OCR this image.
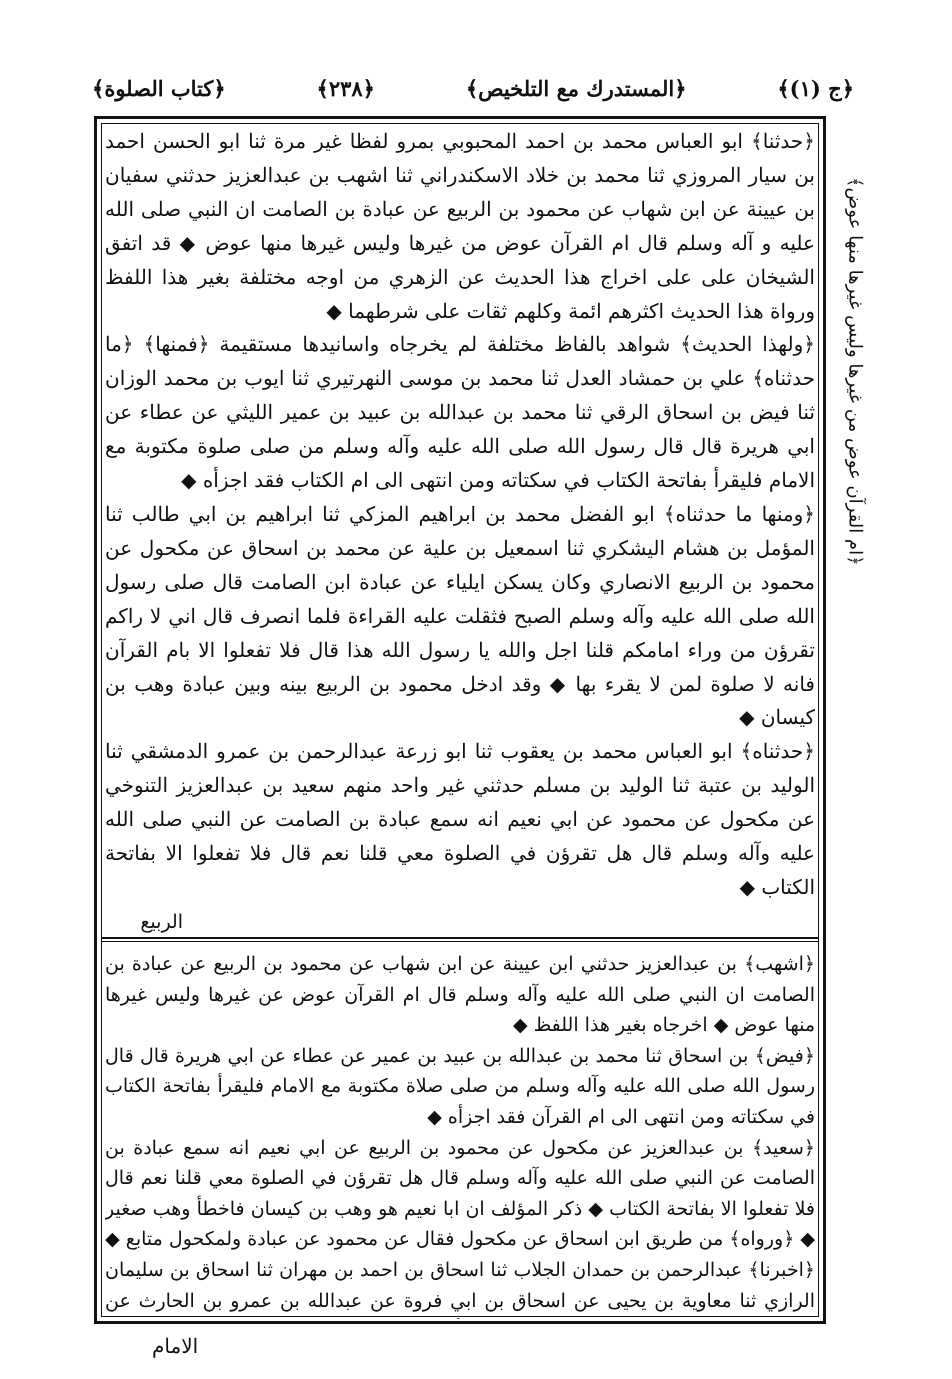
﴿ج (١)﴾
﴿المستدرك مع التلخيص﴾
﴿٢٣٨﴾
﴿كتاب الصلوة﴾

﴿حدثنا﴾ ابو العباس محمد بن احمد المحبوبي بمرو لفظا غير مرة ثنا ابو الحسن احمد بن سيار المروزي ثنا محمد بن خلاد الاسكندراني ثنا اشهب بن عبدالعزيز حدثني سفيان بن عيينة عن ابن شهاب عن محمود بن الربيع عن عبادة بن الصامت ان النبي صلى الله عليه و آله وسلم قال ام القرآن عوض من غيرها وليس غيرها منها عوض ◆ قد اتفق الشيخان على على اخراج هذا الحديث عن الزهري من اوجه مختلفة بغير هذا اللفظ ورواة هذا الحديث اكثرهم ائمة وكلهم ثقات على شرطهما ◆

﴿ولهذا الحديث﴾ شواهد بالفاظ مختلفة لم يخرجاه واسانيدها مستقيمة ﴿فمنها﴾ ﴿ما حدثناه﴾ علي بن حمشاد العدل ثنا محمد بن موسى النهرتيري ثنا ايوب بن محمد الوزان ثنا فيض بن اسحاق الرقي ثنا محمد بن عبدالله بن عبيد بن عمير الليثي عن عطاء عن ابي هريرة قال قال رسول الله صلى الله عليه وآله وسلم من صلى صلوة مكتوبة مع الامام فليقرأ بفاتحة الكتاب في سكتاته ومن انتهى الى ام الكتاب فقد اجزأه ◆

﴿ومنها ما حدثناه﴾ ابو الفضل محمد بن ابراهيم المزكي ثنا ابراهيم بن ابي طالب ثنا المؤمل بن هشام اليشكري ثنا اسمعيل بن علية عن محمد بن اسحاق عن مكحول عن محمود بن الربيع الانصاري وكان يسكن ايلياء عن عبادة ابن الصامت قال صلى رسول الله صلى الله عليه وآله وسلم الصبح فثقلت عليه القراءة فلما انصرف قال اني لا راكم تقرؤن من وراء امامكم قلنا اجل والله يا رسول الله هذا قال فلا تفعلوا الا بام القرآن فانه لا صلوة لمن لا يقرء بها ◆ وقد ادخل محمود بن الربيع بينه وبين عبادة وهب بن كيسان ◆

﴿حدثناه﴾ ابو العباس محمد بن يعقوب ثنا ابو زرعة عبدالرحمن بن عمرو الدمشقي ثنا الوليد بن عتبة ثنا الوليد بن مسلم حدثني غير واحد منهم سعيد بن عبدالعزيز التنوخي عن مكحول عن محمود عن ابي نعيم انه سمع عبادة بن الصامت عن النبي صلى الله عليه وآله وسلم قال هل تقرؤن في الصلوة معي قلنا نعم قال فلا تفعلوا الا بفاتحة الكتاب ◆

الربيع

﴿اشهب﴾ بن عبدالعزيز حدثني ابن عيينة عن ابن شهاب عن محمود بن الربيع عن عبادة بن الصامت ان النبي صلى الله عليه وآله وسلم قال ام القرآن عوض عن غيرها وليس غيرها منها عوض ◆ اخرجاه بغير هذا اللفظ ◆

﴿فيض﴾ بن اسحاق ثنا محمد بن عبدالله بن عبيد بن عمير عن عطاء عن ابي هريرة قال قال رسول الله صلى الله عليه وآله وسلم من صلى صلاة مكتوبة مع الامام فليقرأ بفاتحة الكتاب في سكتاته ومن انتهى الى ام القرآن فقد اجزأه ◆

﴿سعيد﴾ بن عبدالعزيز عن مكحول عن محمود بن الربيع عن ابي نعيم انه سمع عبادة بن الصامت عن النبي صلى الله عليه وآله وسلم قال هل تقرؤن في الصلوة معي قلنا نعم قال فلا تفعلوا الا بفاتحة الكتاب ◆ ذكر المؤلف ان ابا نعيم هو وهب بن كيسان فاخطأ وهب صغير ◆ ﴿ورواه﴾ من طريق ابن اسحاق عن مكحول فقال عن محمود عن عبادة ولمكحول متابع ◆

﴿اخبرنا﴾ عبدالرحمن بن حمدان الجلاب ثنا اسحاق بن احمد بن مهران ثنا اسحاق بن سليمان الرازي ثنا معاوية بن يحيى عن اسحاق بن ابي فروة عن عبدالله بن عمرو بن الحارث عن

﴿ام القرآن عوض من غيرها وليس غيرها منها عوض﴾
الامام
